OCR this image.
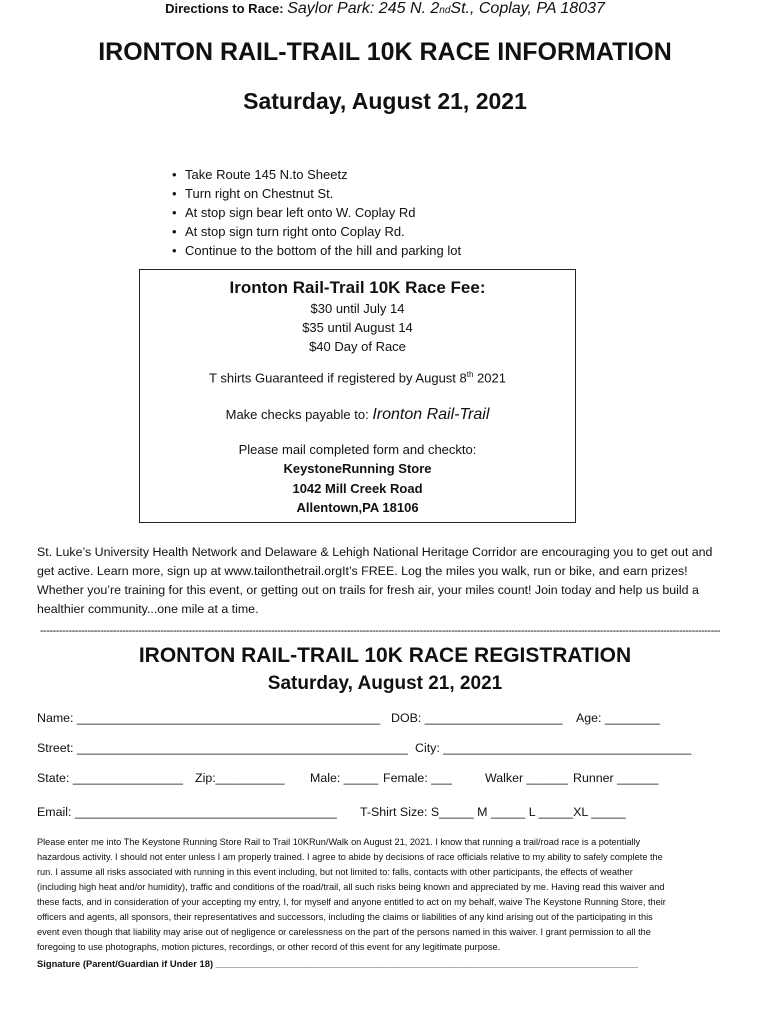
IRONTON RAIL-TRAIL 10K RACE INFORMATION
Saturday, August 21, 2021
Directions to Race: Saylor Park: 245 N. 2ndSt., Coplay, PA 18037
• Take Route 145 N.to Sheetz
• Turn right on Chestnut St.
• At stop sign bear left onto W. Coplay Rd
• At stop sign turn right onto Coplay Rd.
• Continue to the bottom of the hill and parking lot
Ironton Rail-Trail 10K Race Fee:
$30 until July 14
$35 until August 14
$40 Day of Race
T shirts Guaranteed if registered by August 8th 2021
Make checks payable to: Ironton Rail-Trail
Please mail completed form and checkto:
KeystoneRunning Store
1042 Mill Creek Road
Allentown,PA 18106
St. Luke’s University Health Network and Delaware & Lehigh National Heritage Corridor are encouraging you to get out and
get active. Learn more, sign up at www.tailonthetrail.orgIt’s FREE. Log the miles you walk, run or bike, and earn prizes!
Whether you’re training for this event, or getting out on trails for fresh air, your miles count! Join today and help us build a
healthier community...one mile at a time.
-----------------------------------------------------------------------------------------------------------------------------------------------------------------------------------------------------------------------
IRONTON RAIL-TRAIL 10K RACE REGISTRATION
Saturday, August 21, 2021
Name: ____________________________________________ DOB: ____________________ Age: ________
Street: ________________________________________________ City: ____________________________________
State: ________________ Zip:__________ Male: _____ Female: ___	Walker ______ Runner ______
Email: ______________________________________ T-Shirt Size: S_____ M _____ L _____XL _____
Please enter me into The Keystone Running Store Rail to Trail 10KRun/Walk on August 21, 2021. I know that running a trail/road race is a potentially
hazardous activity. I should not enter unless I am properly trained. I agree to abide by decisions of race officials relative to my ability to safely complete the
run. I assume all risks associated with running in this event including, but not limited to: falls, contacts with other participants, the effects of weather
(including high heat and/or humidity), traffic and conditions of the road/trail, all such risks being known and appreciated by me. Having read this waiver and
these facts, and in consideration of your accepting my entry, I, for myself and anyone entitled to act on my behalf, waive The Keystone Running Store, their
officers and agents, all sponsors, their representatives and successors, including the claims or liabilities of any kind arising out of the participating in this
event even though that liability may arise out of negligence or carelessness on the part of the persons named in this waiver. I grant permission to all the
foregoing to use photographs, motion pictures, recordings, or other record of this event for any legitimate purpose.
Signature (Parent/Guardian if Under 18) _________________________________________________________________________________
